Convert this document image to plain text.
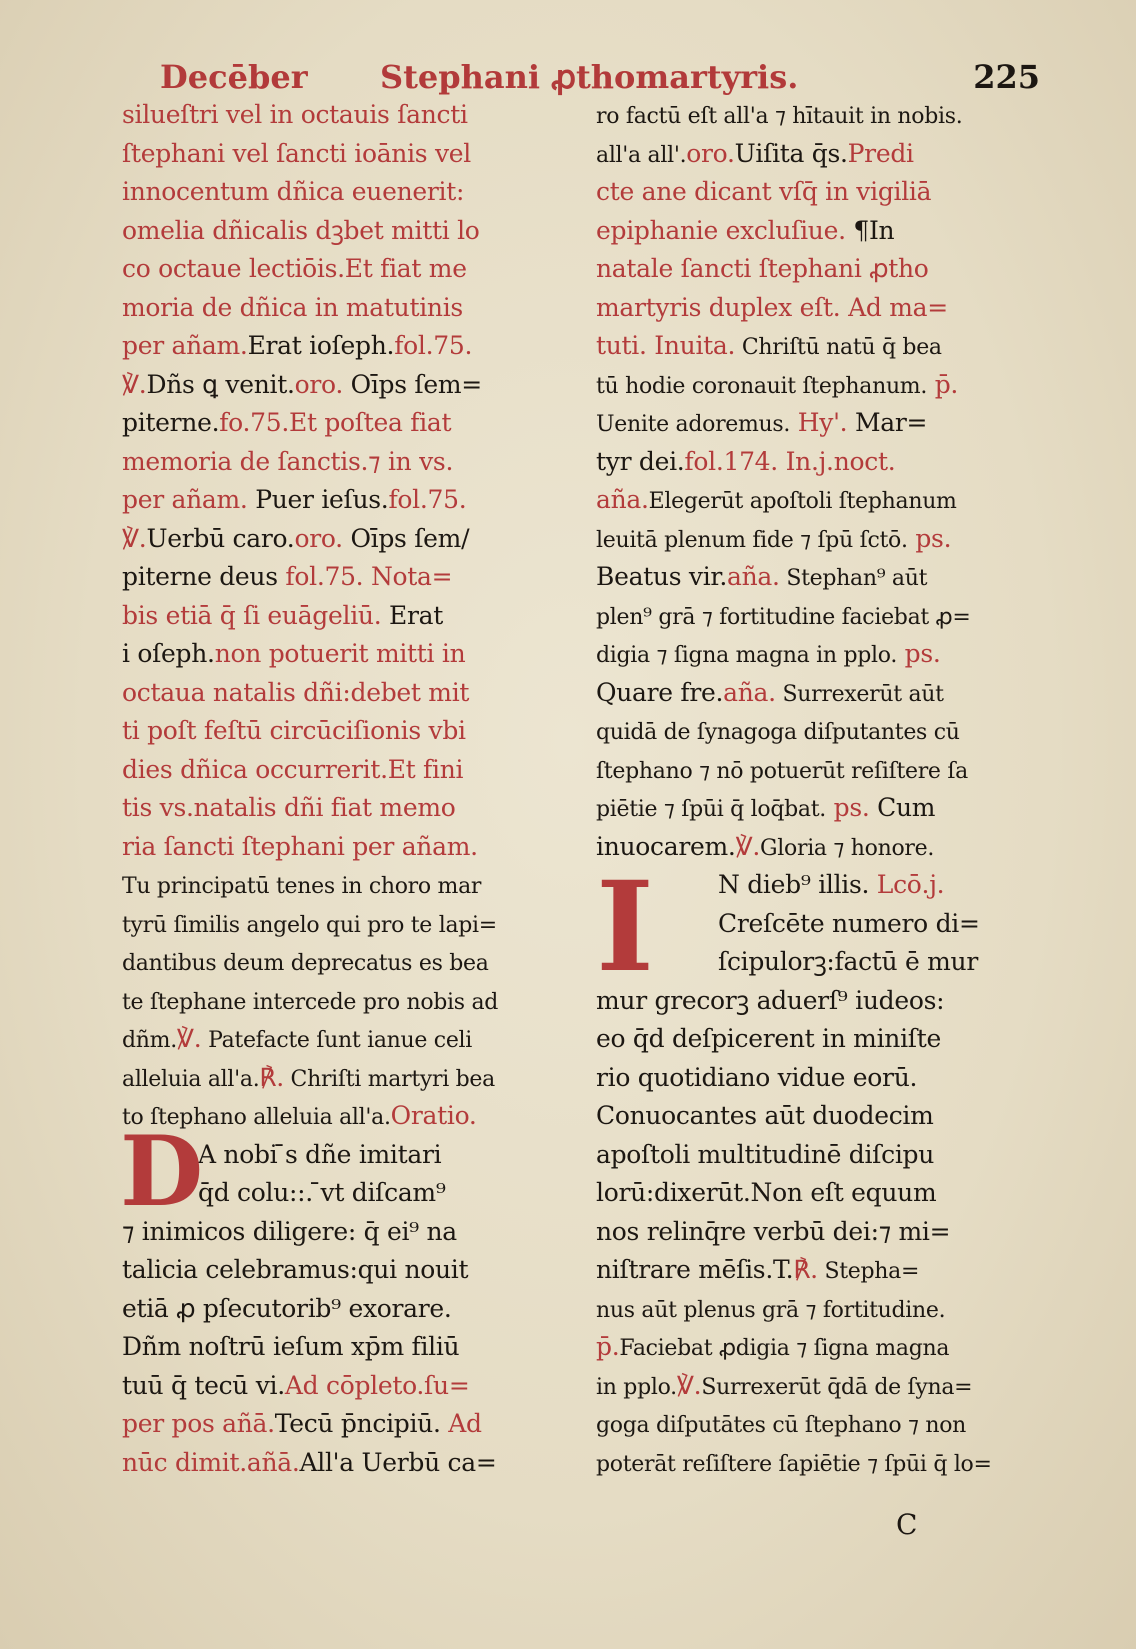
Decēber Stephani ꝓthomartyris.	225
silueſtri vel in octauis ſancti
ſtephani vel ſancti ioānis vel
innocentum dñica euenerit:
omelia dñicalis dꝫbet mitti lo
co octaue lectiōis.Et fiat me
moria de dñica in matutinis
per añam.Erat ioſeph.fol.75.
℣.Dñs ꝗ venit.oro. Oīps ſem=
piterne.fo.75.Et poſtea fiat
memoria de ſanctis.⁊ in vs.
per añam. Puer ieſus.fol.75.
℣.Uerbū caro.oro. Oīps ſem/
piterne deus fol.75. Nota=
bis etiā q̄ ſi euāgeliū. Erat
i oſeph.non potuerit mitti in
octaua natalis dñi:debet mit
ti poſt feſtū circūciſionis vbi
dies dñica occurrerit.Et fini
tis vs.natalis dñi fiat memo
ria ſancti ſtephani per añam.
Tu principatū tenes in choro mar
tyrū ſimilis angelo qui pro te lapi=
dantibus deum deprecatus es bea
te ſtephane intercede pro nobis ad
dñm.℣. Patefacte ſunt ianue celi
alleluia all'a.℟. Chriſti martyri bea
to ſtephano alleluia all'a.Oratio.
D
A nobi ̄s dñe imitari
q̄d colu::. ̄vt diſcam⁹
⁊ inimicos diligere: q̄ ei⁹ na
talicia celebramus:qui nouit
etiā ꝓ pſecutorib⁹ exorare.
Dñm noſtrū ieſum xp̄m filiū
tuū q̄ tecū vi.Ad cōpleto.ſu=
per pos añā.Tecū p̄ncipiū. Ad
nūc dimit.añā.All'a Uerbū ca=
ro factū eſt all'a ⁊ hītauit in nobis.
all'a all'.oro.Uiſita q̄s.Predi
cte ane dicant vſq̄ in vigiliā
epiphanie excluſiue. ¶In
natale ſancti ſtephani ꝓtho
martyris duplex eſt. Ad ma=
tuti. Inuita. Chriſtū natū q̄ bea
tū hodie coronauit ſtephanum. p̄.
Uenite adoremus. Hy'. Mar=
tyr dei.fol.174. In.j.noct.
aña.Elegerūt apoſtoli ſtephanum
leuitā plenum fide ⁊ ſpū ſctō. ps.
Beatus vir.aña. Stephan⁹ aūt
plen⁹ grā ⁊ fortitudine faciebat ꝓ=
digia ⁊ ſigna magna in pplo. ps.
Quare fre.aña. Surrexerūt aūt
quidā de ſynagoga diſputantes cū
ſtephano ⁊ nō potuerūt reſiſtere ſa
piētie ⁊ ſpūi q̄ loq̄bat. ps. Cum
inuocarem.℣.Gloria ⁊ honore.
I	N dieb⁹ illis. Lcō.j.
Creſcēte numero di=
ſcipulorꝫ:factū ē mur
mur grecorꝫ aduerſ⁹ iudeos:
eo q̄d deſpicerent in miniſte
rio quotidiano vidue eorū.
Conuocantes aūt duodecim
apoſtoli multitudinē diſcipu
lorū:dixerūt.Non eſt equum
nos relinq̄re verbū dei:⁊ mi=
niſtrare mēſis.T.℟. Stepha=
nus aūt plenus grā ⁊ fortitudine.
p̄.Faciebat ꝓdigia ⁊ ſigna magna
in pplo.℣.Surrexerūt q̄dā de ſyna=
goga diſputātes cū ſtephano ⁊ non
poterāt reſiſtere ſapiētie ⁊ ſpūi q̄ lo=
C
